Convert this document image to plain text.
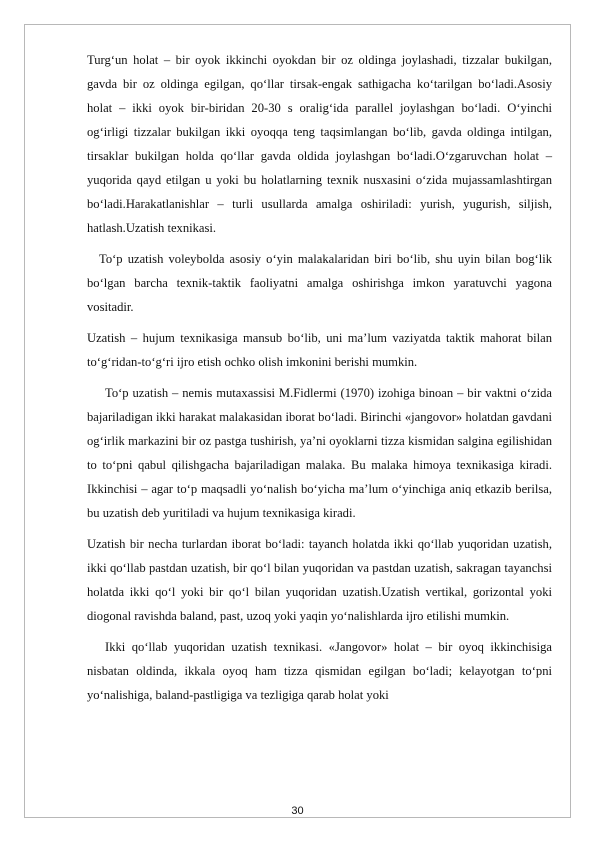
Turg‘un holat – bir oyok ikkinchi oyokdan bir oz oldinga joylashadi, tizzalar bukilgan, gavda bir oz oldinga egilgan, qo‘llar tirsak-engak sathigacha ko‘tarilgan bo‘ladi.Asosiy holat – ikki oyok bir-biridan 20-30 s oralig‘ida parallel joylashgan bo‘ladi. O‘yinchi og‘irligi tizzalar bukilgan ikki oyoqqa teng taqsimlangan bo‘lib, gavda oldinga intilgan, tirsaklar bukilgan holda qo‘llar gavda oldida joylashgan bo‘ladi.O‘zgaruvchan holat – yuqorida qayd etilgan u yoki bu holatlarning texnik nusxasini o‘zida mujassamlashtirgan bo‘ladi.Harakatlanishlar – turli usullarda amalga oshiriladi: yurish, yugurish, siljish, hatlash.Uzatish texnikasi.

To‘p uzatish voleybolda asosiy o‘yin malakalaridan biri bo‘lib, shu uyin bilan bog‘lik bo‘lgan barcha texnik-taktik faoliyatni amalga oshirishga imkon yaratuvchi yagona vositadir.

Uzatish – hujum texnikasiga mansub bo‘lib, uni ma’lum vaziyatda taktik mahorat bilan to‘g‘ridan-to‘g‘ri ijro etish ochko olish imkonini berishi mumkin.

To‘p uzatish – nemis mutaxassisi M.Fidlermi (1970) izohiga binoan – bir vaktni o‘zida bajariladigan ikki harakat malakasidan iborat bo‘ladi. Birinchi «jangovor» holatdan gavdani og‘irlik markazini bir oz pastga tushirish, ya’ni oyoklarni tizza kismidan salgina egilishidan to to‘pni qabul qilishgacha bajariladigan malaka. Bu malaka himoya texnikasiga kiradi. Ikkinchisi – agar to‘p maqsadli yo‘nalish bo‘yicha ma’lum o‘yinchiga aniq etkazib berilsa, bu uzatish deb yuritiladi va hujum texnikasiga kiradi.

Uzatish bir necha turlardan iborat bo‘ladi: tayanch holatda ikki qo‘llab yuqoridan uzatish, ikki qo‘llab pastdan uzatish, bir qo‘l bilan yuqoridan va pastdan uzatish, sakragan tayanchsi holatda ikki qo‘l yoki bir qo‘l bilan yuqoridan uzatish.Uzatish vertikal, gorizontal yoki diogonal ravishda baland, past, uzoq yoki yaqin yo‘nalishlarda ijro etilishi mumkin.

Ikki qo‘llab yuqoridan uzatish texnikasi. «Jangovor» holat – bir oyoq ikkinchisiga nisbatan oldinda, ikkala oyoq ham tizza qismidan egilgan bo‘ladi; kelayotgan to‘pni yo‘nalishiga, baland-pastligiga va tezligiga qarab holat yoki

30
